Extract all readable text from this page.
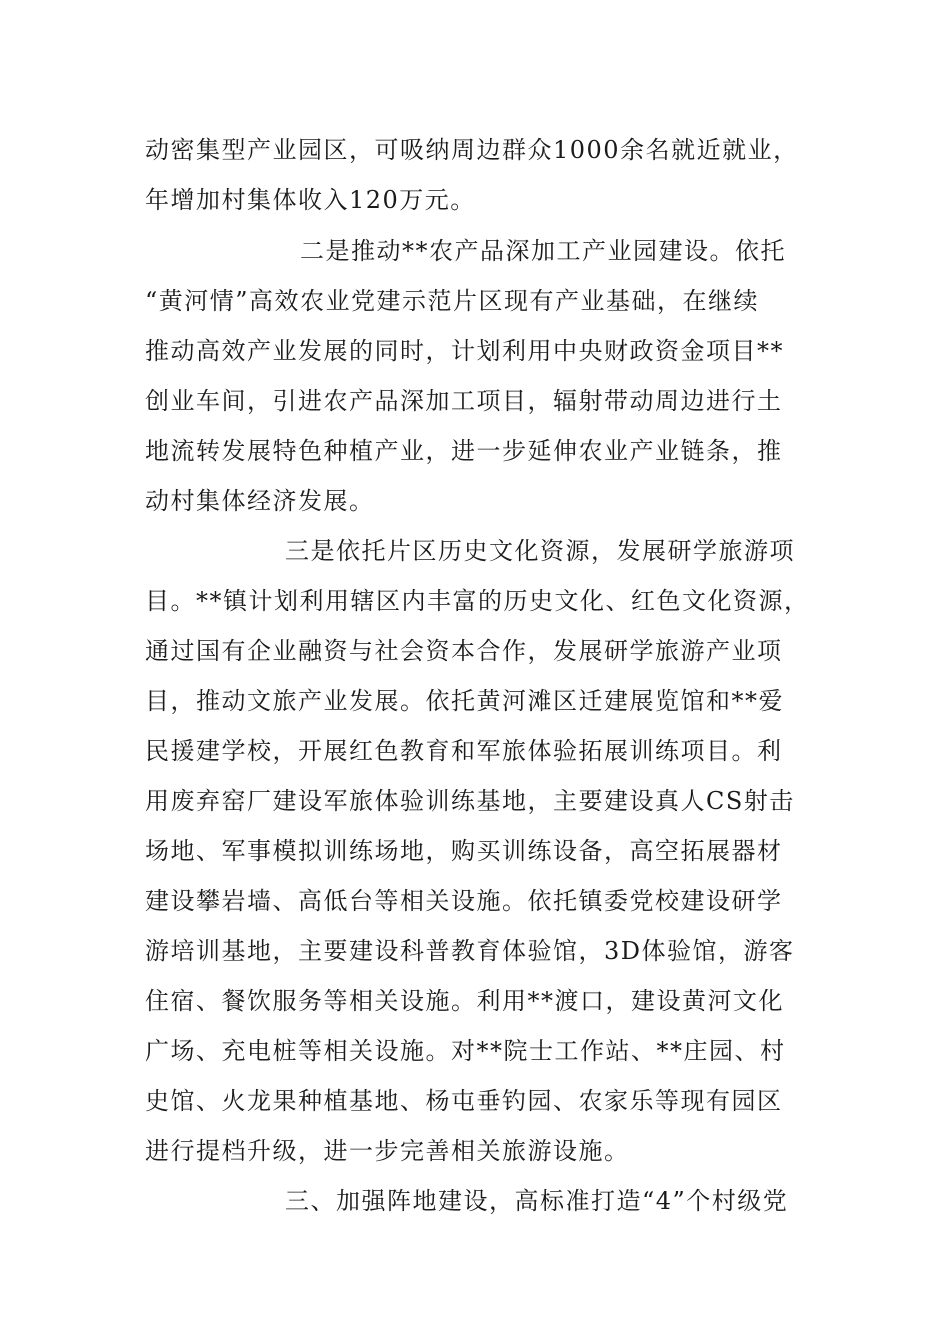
动密集型产业园区，可吸纳周边群众1000余名就近就业，
年增加村集体收入120万元。
二是推动**农产品深加工产业园建设。依托
“黄河情”高效农业党建示范片区现有产业基础，在继续
推动高效产业发展的同时，计划利用中央财政资金项目**
创业车间，引进农产品深加工项目，辐射带动周边进行土
地流转发展特色种植产业，进一步延伸农业产业链条，推
动村集体经济发展。
三是依托片区历史文化资源，发展研学旅游项
目。**镇计划利用辖区内丰富的历史文化、红色文化资源，
通过国有企业融资与社会资本合作，发展研学旅游产业项
目，推动文旅产业发展。依托黄河滩区迁建展览馆和**爱
民援建学校，开展红色教育和军旅体验拓展训练项目。利
用废弃窑厂建设军旅体验训练基地，主要建设真人CS射击
场地、军事模拟训练场地，购买训练设备，高空拓展器材
建设攀岩墙、高低台等相关设施。依托镇委党校建设研学
游培训基地，主要建设科普教育体验馆，3D体验馆，游客
住宿、餐饮服务等相关设施。利用**渡口，建设黄河文化
广场、充电桩等相关设施。对**院士工作站、**庄园、村
史馆、火龙果种植基地、杨屯垂钓园、农家乐等现有园区
进行提档升级，进一步完善相关旅游设施。
三、加强阵地建设，高标准打造“4”个村级党
